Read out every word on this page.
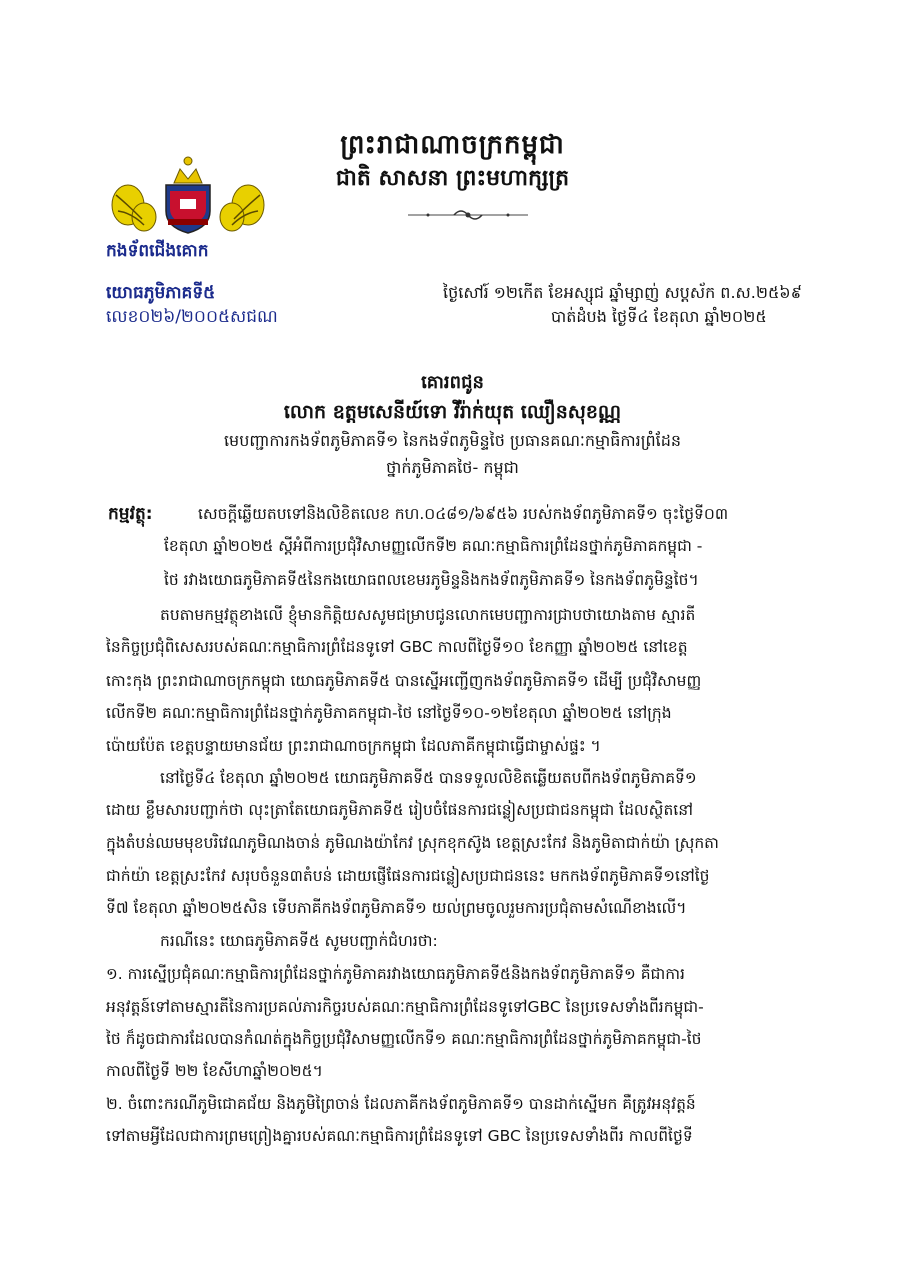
ព្រះរាជាណាចក្រកម្ពុជា
ជាតិ សាសនា ព្រះមហាក្សត្រ
កងទ័ពជើងគោក
យោធភូមិភាគទី៥
លេខ០២៦/២០០៥សជណ
ថ្ងៃសៅរ៍ ១២កើត ខែអស្សុជ ឆ្នាំម្សាញ់ សប្តស័ក ព.ស.២៥៦៩
បាត់ដំបង ថ្ងៃទី៤ ខែតុលា ឆ្នាំ២០២៥
គោរពជូន
លោក ឧត្តមសេនីយ៍ទោ វីរ៉ាក់យុត ឈឿនសុខណ្ណ
មេបញ្ជាការកងទ័ពភូមិភាគទី១ នៃកងទ័ពភូមិន្ទថៃ ប្រធានគណៈកម្មាធិការព្រំដែន
ថ្នាក់ភូមិភាគថៃ- កម្ពុជា
កម្មវត្ថុ:	សេចក្តីឆ្លើយតបទៅនិងលិខិតលេខ កហ.០៤៨១/៦៩៥៦ របស់កងទ័ពភូមិភាគទី១ ចុះថ្ងៃទី០៣
ខែតុលា ឆ្នាំ២០២៥ ស្តីអំពីការប្រជុំវិសាមញ្ញលើកទី២ គណៈកម្មាធិការព្រំដែនថ្នាក់ភូមិភាគកម្ពុជា -
ថៃ រវាងយោធភូមិភាគទី៥នៃកងយោធពលខេមរភូមិន្ទនិងកងទ័ពភូមិភាគទី១ នៃកងទ័ពភូមិន្ទថៃ។
តបតាមកម្មវត្ថុខាងលើ ខ្ញុំមានកិត្តិយសសូមជម្រាបជូនលោកមេបញ្ជាការជ្រាបថាយោងតាម ស្មារតី
នៃកិច្ចប្រជុំពិសេសរបស់គណៈកម្មាធិការព្រំដែនទូទៅ GBC កាលពីថ្ងៃទី១០ ខែកញ្ញា ឆ្នាំ២០២៥ នៅខេត្ត
កោះកុង ព្រះរាជាណាចក្រកម្ពុជា យោធភូមិភាគទី៥ បានស្នើអញ្ជើញកងទ័ពភូមិភាគទី១ ដើម្បី ប្រជុំវិសាមញ្ញ
លើកទី២ គណៈកម្មាធិការព្រំដែនថ្នាក់ភូមិភាគកម្ពុជា-ថៃ នៅថ្ងៃទី១០-១២ខែតុលា ឆ្នាំ២០២៥ នៅក្រុង
ប៉ោយប៉ែត ខេត្តបន្ទាយមានជ័យ ព្រះរាជាណាចក្រកម្ពុជា ដែលភាគីកម្ពុជាធ្វើជាម្ចាស់ផ្ទះ ។
នៅថ្ងៃទី៤ ខែតុលា ឆ្នាំ២០២៥ យោធភូមិភាគទី៥ បានទទួលលិខិតឆ្លើយតបពីកងទ័ពភូមិភាគទី១
ដោយ ខ្លឹមសារបញ្ជាក់ថា លុះត្រាតែយោធភូមិភាគទី៥ រៀបចំផែនការជន្លៀសប្រជាជនកម្ពុជា ដែលស្ថិតនៅ
ក្នុងតំបន់ឈមមុខបរិវេណភូមិណងចាន់ ភូមិណងយ៉ាកែវ ស្រុកខុកស៊ូង ខេត្តស្រះកែវ និងភូមិតាជាក់យ៉ា ស្រុកតា
ជាក់យ៉ា ខេត្តស្រះកែវ សរុបចំនួន៣តំបន់ ដោយផ្ញើផែនការជន្លៀសប្រជាជននេះ មកកងទ័ពភូមិភាគទី១នៅថ្ងៃ
ទី៧ ខែតុលា ឆ្នាំ២០២៥សិន ទើបភាគីកងទ័ពភូមិភាគទី១ យល់ព្រមចូលរួមការប្រជុំតាមសំណើខាងលើ។
ករណីនេះ យោធភូមិភាគទី៥ សូមបញ្ជាក់ជំហរថា:
១. ការស្នើប្រជុំគណៈកម្មាធិការព្រំដែនថ្នាក់ភូមិភាគរវាងយោធភូមិភាគទី៥និងកងទ័ពភូមិភាគទី១ គឺជាការ
អនុវត្តន៍ទៅតាមស្មារតីនៃការប្រគល់ភារកិច្ចរបស់គណៈកម្មាធិការព្រំដែនទូទៅGBC នៃប្រទេសទាំងពីរកម្ពុជា-
ថៃ ក៏ដូចជាការដែលបានកំណត់ក្នុងកិច្ចប្រជុំវិសាមញ្ញលើកទី១ គណៈកម្មាធិការព្រំដែនថ្នាក់ភូមិភាគកម្ពុជា-ថៃ
កាលពីថ្ងៃទី ២២ ខែសីហាឆ្នាំ២០២៥។
២. ចំពោះករណីភូមិជោគជ័យ និងភូមិព្រៃចាន់ ដែលភាគីកងទ័ពភូមិភាគទី១ បានដាក់ស្នើមក គឺត្រូវអនុវត្តន៍
ទៅតាមអ្វីដែលជាការព្រមព្រៀងគ្នារបស់គណៈកម្មាធិការព្រំដែនទូទៅ GBC នៃប្រទេសទាំងពីរ កាលពីថ្ងៃទី
